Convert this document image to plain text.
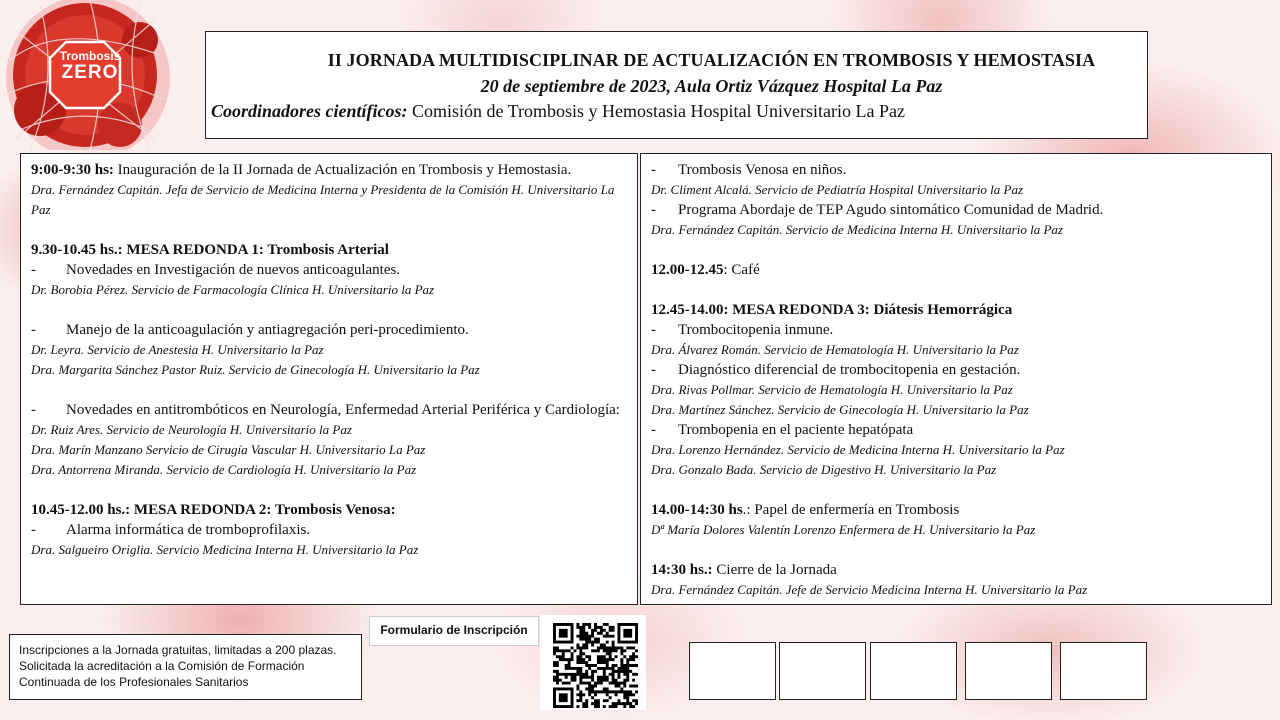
Trombosis
ZERO
II JORNADA MULTIDISCIPLINAR DE ACTUALIZACIÓN EN TROMBOSIS Y HEMOSTASIA
20 de septiembre de 2023, Aula Ortiz Vázquez Hospital La Paz
Coordinadores científicos: Comisión de Trombosis y Hemostasia Hospital Universitario La Paz

9:00-9:30 hs: Inauguración de la II Jornada de Actualización en Trombosis y Hemostasia.

Dra. Fernández Capitán. Jefa de Servicio de Medicina Interna y Presidenta de la Comisión H. Universitario La Paz

9.30-10.45 hs.: MESA REDONDA 1: Trombosis Arterial

- Novedades en Investigación de nuevos anticoagulantes.

Dr. Borobia Pérez. Servicio de Farmacología Clínica H. Universitario la Paz

- Manejo de la anticoagulación y antiagregación peri-procedimiento.

Dr. Leyra. Servicio de Anestesia H. Universitario la Paz

Dra. Margarita Sánchez Pastor Ruiz. Servicio de Ginecología H. Universitario la Paz

- Novedades en antitrombóticos en Neurología, Enfermedad Arterial Periférica y Cardiología:

Dr. Ruiz Ares. Servicio de Neurología H. Universitario la Paz

Dra. Marín Manzano Servicio de Cirugía Vascular H. Universitario La Paz

Dra. Antorrena Miranda. Servicio de Cardiología H. Universitario la Paz

10.45-12.00 hs.: MESA REDONDA 2: Trombosis Venosa:

- Alarma informática de tromboprofilaxis.

Dra. Salgueiro Origlia. Servicio Medicina Interna H. Universitario la Paz

- Trombosis Venosa en niños.

Dr. Climent Alcalá. Servicio de Pediatría Hospital Universitario la Paz

- Programa Abordaje de TEP Agudo sintomático Comunidad de Madrid.

Dra. Fernández Capitán. Servicio de Medicina Interna H. Universitario la Paz

12.00-12.45: Café

12.45-14.00: MESA REDONDA 3: Diátesis Hemorrágica

- Trombocitopenia inmune.

Dra. Álvarez Román. Servicio de Hematología H. Universitario la Paz

- Diagnóstico diferencial de trombocitopenia en gestación.

Dra. Rivas Pollmar. Servicio de Hematología H. Universitario la Paz

Dra. Martínez Sánchez. Servicio de Ginecología H. Universitario la Paz

- Trombopenia en el paciente hepatópata

Dra. Lorenzo Hernández. Servicio de Medicina Interna H. Universitario la Paz

Dra. Gonzalo Bada. Servicio de Digestivo H. Universitario la Paz

14.00-14:30 hs.: Papel de enfermería en Trombosis

Dª María Dolores Valentín Lorenzo Enfermera de H. Universitario la Paz

14:30 hs.: Cierre de la Jornada

Dra. Fernández Capitán. Jefe de Servicio Medicina Interna H. Universitario la Paz

Inscripciones a la Jornada gratuitas, limitadas a 200 plazas.
Solicitada la acreditación a la Comisión de Formación
Continuada de los Profesionales Sanitarios
Formulario de Inscripción
